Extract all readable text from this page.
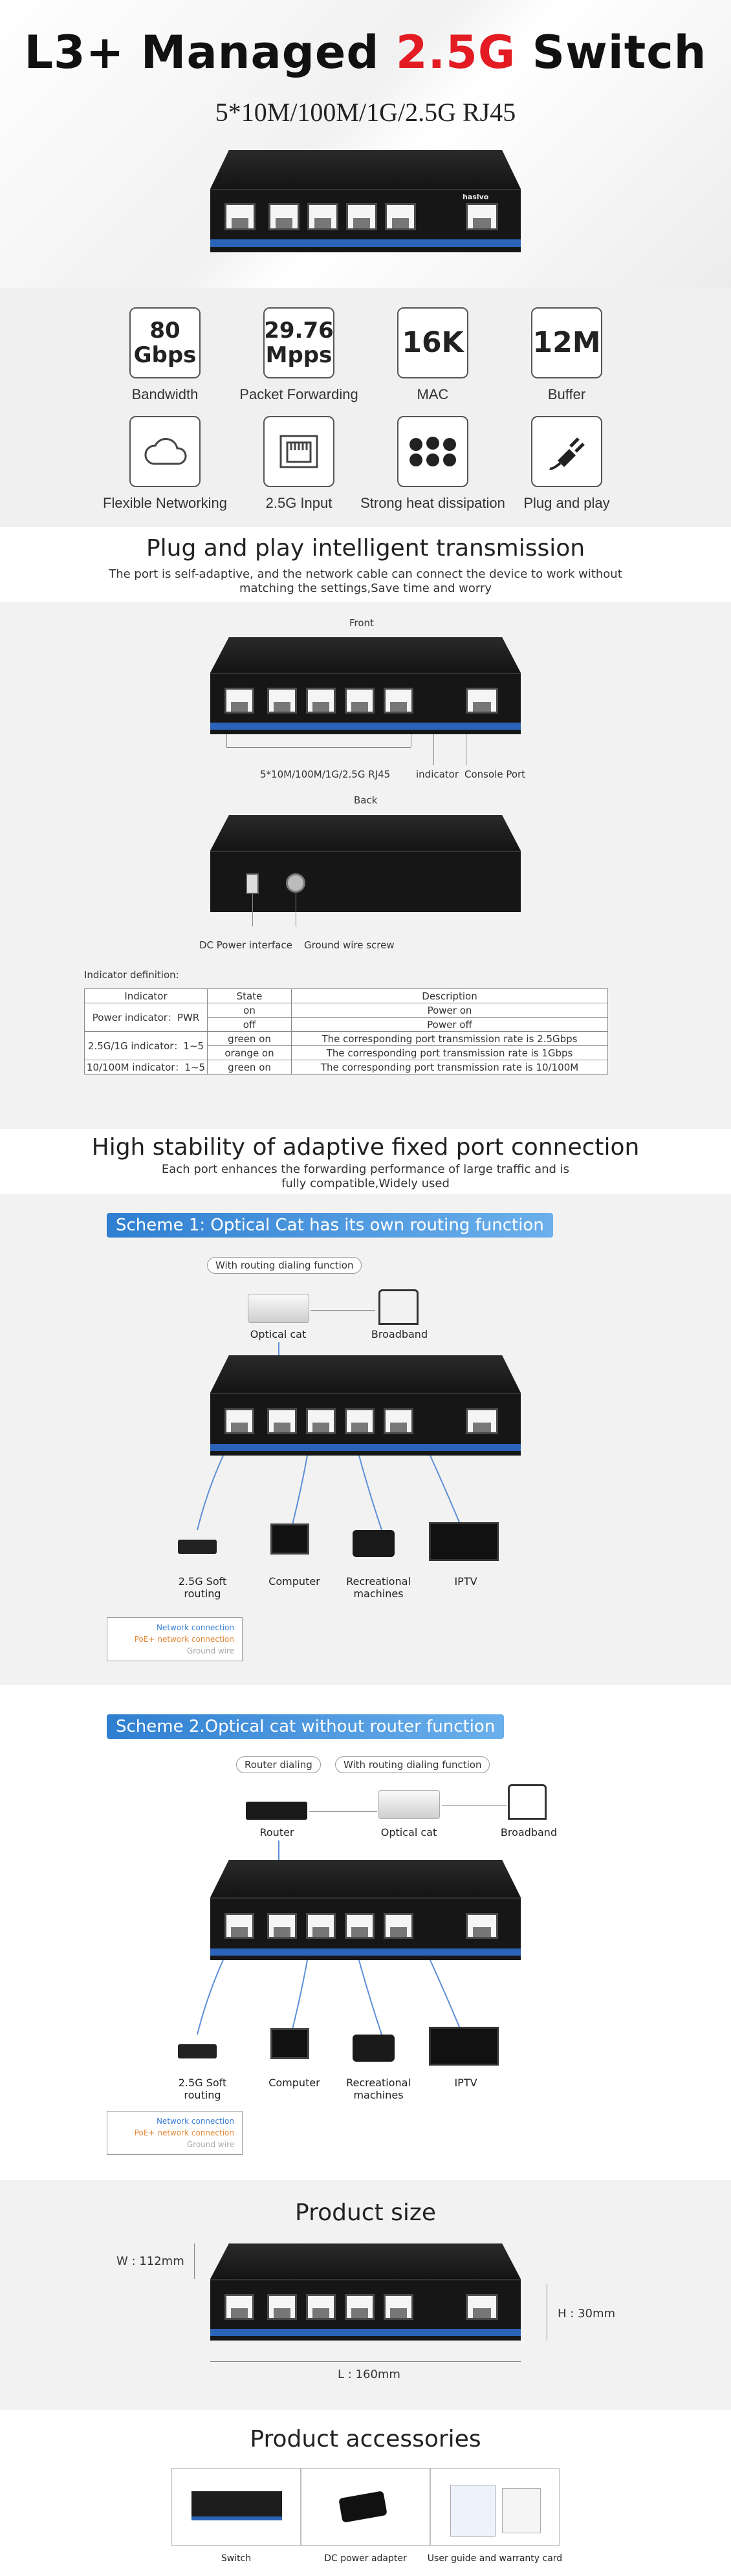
L3+ Managed 2.5G Switch
5*10M/100M/1G/2.5G RJ45
haslvo
80 Gbps
Bandwidth
29.76 Mpps
Packet Forwarding
16K
MAC
12M
Buffer
Flexible Networking	2.5G Input	Strong heat dissipation	Plug and play
Plug and play intelligent transmission
The port is self-adaptive, and the network cable can connect the device to work without
matching the settings,Save time and worry
Front
5*10M/100M/1G/2.5G RJ45	indicator Console Port
Back
DC Power interface Ground wire screw
Indicator definition:
Indicator	State	Description
Power indicator：PWR	on	Power on
	off	Power off
2.5G/1G indicator：1~5	green on	The corresponding port transmission rate is 2.5Gbps
	orange on	The corresponding port transmission rate is 1Gbps
10/100M indicator：1~5	green on	The corresponding port transmission rate is 10/100M
High stability of adaptive fixed port connection
Each port enhances the forwarding performance of large traffic and is
fully compatible,Widely used
Scheme 1: Optical Cat has its own routing function
With routing dialing function
Optical cat	Broadband
2.5G Soft routing
Computer	Recreational
machines
IPTV
Network connection
PoE+ network connection
Ground wire
Scheme 2.Optical cat without router function
Router dialing	With routing dialing function
Router	Optical cat	Broadband
2.5G Soft routing
Computer	Recreational
machines
IPTV
Network connection
PoE+ network connection
Ground wire
Product size
W : 112mm
H : 30mm
L : 160mm
Product accessories
Switch	DC power adapter	User guide and warranty card
